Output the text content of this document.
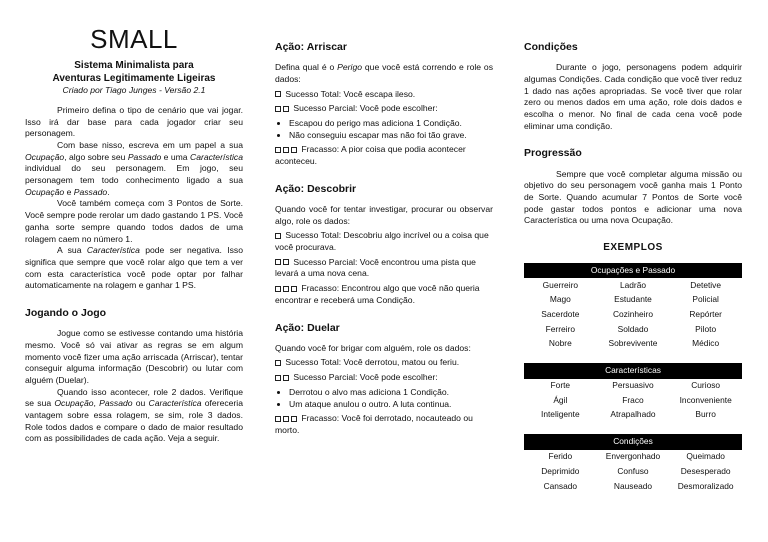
SMALL
Sistema Minimalista para
Aventuras Legitimamente Ligeiras
Criado por Tiago Junges - Versão 2.1

Primeiro defina o tipo de cenário que vai jogar. Isso irá dar base para cada jogador criar seu personagem.

Com base nisso, escreva em um papel a sua Ocupação, algo sobre seu Passado e uma Característica individual do seu personagem. Em jogo, seu personagem tem todo conhecimento ligado a sua Ocupação e Passado.

Você também começa com 3 Pontos de Sorte. Você sempre pode rerolar um dado gastando 1 PS. Você ganha sorte sempre quando todos dados de uma rolagem caem no número 1.

A sua Característica pode ser negativa. Isso significa que sempre que você rolar algo que tem a ver com esta característica você pode optar por falhar automaticamente na rolagem e ganhar 1 PS.

Jogando o Jogo

Jogue como se estivesse contando uma história mesmo. Você só vai ativar as regras se em algum momento você fizer uma ação arriscada (Arriscar), tentar conseguir alguma informação (Descobrir) ou lutar com alguém (Duelar).

Quando isso acontecer, role 2 dados. Verifique se sua Ocupação, Passado ou Característica ofereceria vantagem sobre essa rolagem, se sim, role 3 dados. Role todos dados e compare o dado de maior resultado com as possibilidades de cada ação. Veja a seguir.

Ação: Arriscar

Defina qual é o Perigo que você está correndo e role os dados:

Sucesso Total: Você escapa ileso.
Sucesso Parcial: Você pode escolher:
• Escapou do perigo mas adiciona 1 Condição.
• Não conseguiu escapar mas não foi tão grave.
Fracasso: A pior coisa que podia acontecer aconteceu.
Ação: Descobrir

Quando você for tentar investigar, procurar ou observar algo, role os dados:

Sucesso Total: Descobriu algo incrível ou a coisa que você procurava.
Sucesso Parcial: Você encontrou uma pista que levará a uma nova cena.
Fracasso: Encontrou algo que você não queria encontrar e receberá uma Condição.
Ação: Duelar

Quando você for brigar com alguém, role os dados:

Sucesso Total: Você derrotou, matou ou feriu.
Sucesso Parcial: Você pode escolher:
• Derrotou o alvo mas adiciona 1 Condição.
• Um ataque anulou o outro. A luta continua.
Fracasso: Você foi derrotado, nocauteado ou morto.
Condições

Durante o jogo, personagens podem adquirir algumas Condições. Cada condição que você tiver reduz 1 dado nas ações apropriadas. Se você tiver que rolar zero ou menos dados em uma ação, role dois dados e escolha o menor. No final de cada cena você pode eliminar uma condição.

Progressão

Sempre que você completar alguma missão ou objetivo do seu personagem você ganha mais 1 Ponto de Sorte. Quando acumular 7 Pontos de Sorte você pode gastar todos pontos e adicionar uma nova Característica ou uma nova Ocupação.

EXEMPLOS
Ocupações e Passado		
Guerreiro	Ladrão	Detetive
Mago	Estudante	Policial
Sacerdote	Cozinheiro	Repórter
Ferreiro	Soldado	Piloto
Nobre	Sobrevivente	Médico
Características		
Forte	Persuasivo	Curioso
Ágil	Fraco	Inconveniente
Inteligente	Atrapalhado	Burro
Condições		
Ferido	Envergonhado	Queimado
Deprimido	Confuso	Desesperado
Cansado	Nauseado	Desmoralizado
